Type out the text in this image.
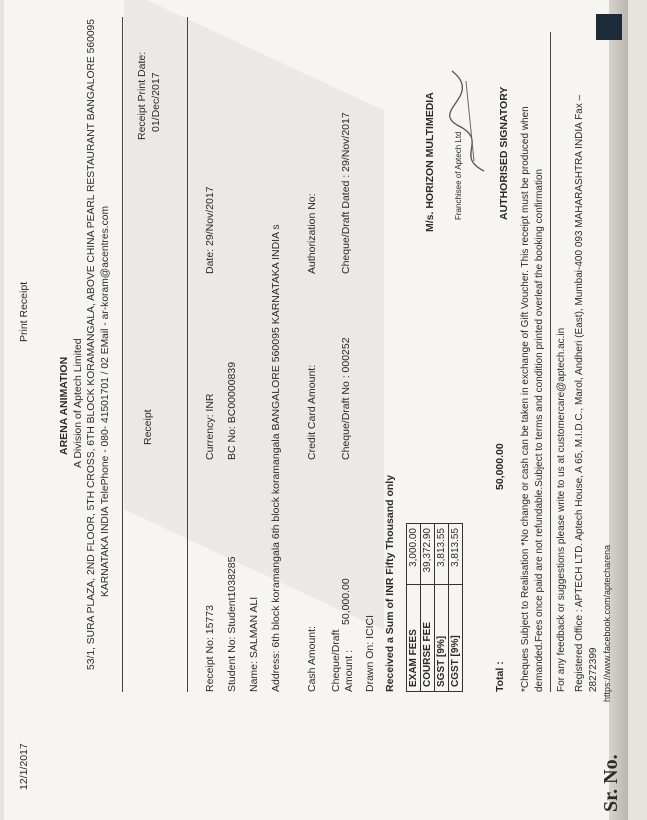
12/1/2017
Print Receipt
ARENA ANIMATION A Division of Aptech Limited 53/1, SURA PLAZA, 2ND FLOOR, 5TH CROSS, 6TH BLOCK KORAMANGALA, ABOVE CHINA PEARL RESTAURANT BANGALORE 560095 KARNATAKA INDIA TelePhone - 080- 41501701 / 02 EMail - ar-koram@acentres.com
Receipt Print Date: 01/Dec/2017
Receipt
Receipt No: 15773
Currency: INR
Date: 29/Nov/2017
Student No: Student1038285
BC No: BC00000839
Name: SALMAN ALI Address: 6th block koramangala 6th block koramangala BANGALORE 560095 KARNATAKA INDIA s Cash Amount:
Credit Card Amount:
Authorization No:
Cheque/Draft Amount :
50,000.00
Cheque/Draft No : 000252
Cheque/Draft Dated : 29/Nov/2017
Drawn On: ICICI Received a Sum of INR Fifty Thousand only EXAM FEES	3,000.00
COURSE FEE	39,372.90
SGST [9%]	3,813.55
CGST [9%]	3,813.55
Total :
50,000.00
M/s. HORIZON MULTIMEDIA Franchisee of Aptech Ltd	AUTHORISED SIGNATORY *Cheques Subject to Realisation *No change or cash can be taken in exchange of Gift Voucher. This receipt must be produced when demanded.Fees once paid are not refundable.Subject to terms and condition printed overleaf the booking confirmation For any feedback or suggestions please write to us at customercare@aptech.ac.in Registered Office : APTECH LTD. Aptech House, A 65, M.I.D.C., Marol, Andheri (East), Mumbai-400 093 MAHARASHTRA INDIA Fax – 28272399 https://www.facebook.com/aptecharena
Sr. No.
